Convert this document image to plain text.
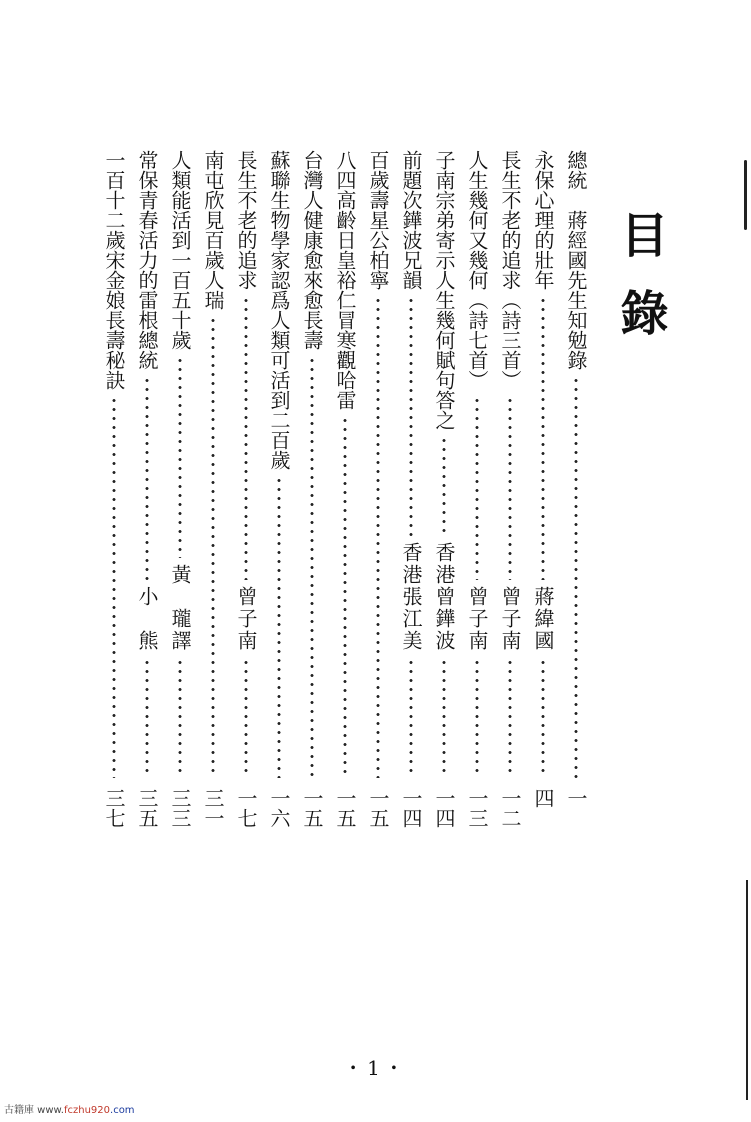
目錄
總統　蔣經國先生知勉錄
一
永保心理的壯年
蔣緯國
四
長生不老的追求（詩三首）
曾子南
一二
人生幾何又幾何（詩七首）
曾子南
一三
子南宗弟寄示人生幾何賦句答之
香港曾鏵波
一四
前題次鏵波兄韻
香港張江美
一四
百歲壽星公柏寧
一五
八四高齡日皇裕仁冒寒觀哈雷
一五
台灣人健康愈來愈長壽
一五
蘇聯生物學家認爲人類可活到二百歲
一六
長生不老的追求
曾子南
一七
南屯欣見百歲人瑞
三一
人類能活到一百五十歲
黃　瓏譯
三三
常保青春活力的雷根總統
小　熊
三五
一百十二歲宋金娘長壽秘訣
三七
・1・
古籍庫 www.fczhu920.com
